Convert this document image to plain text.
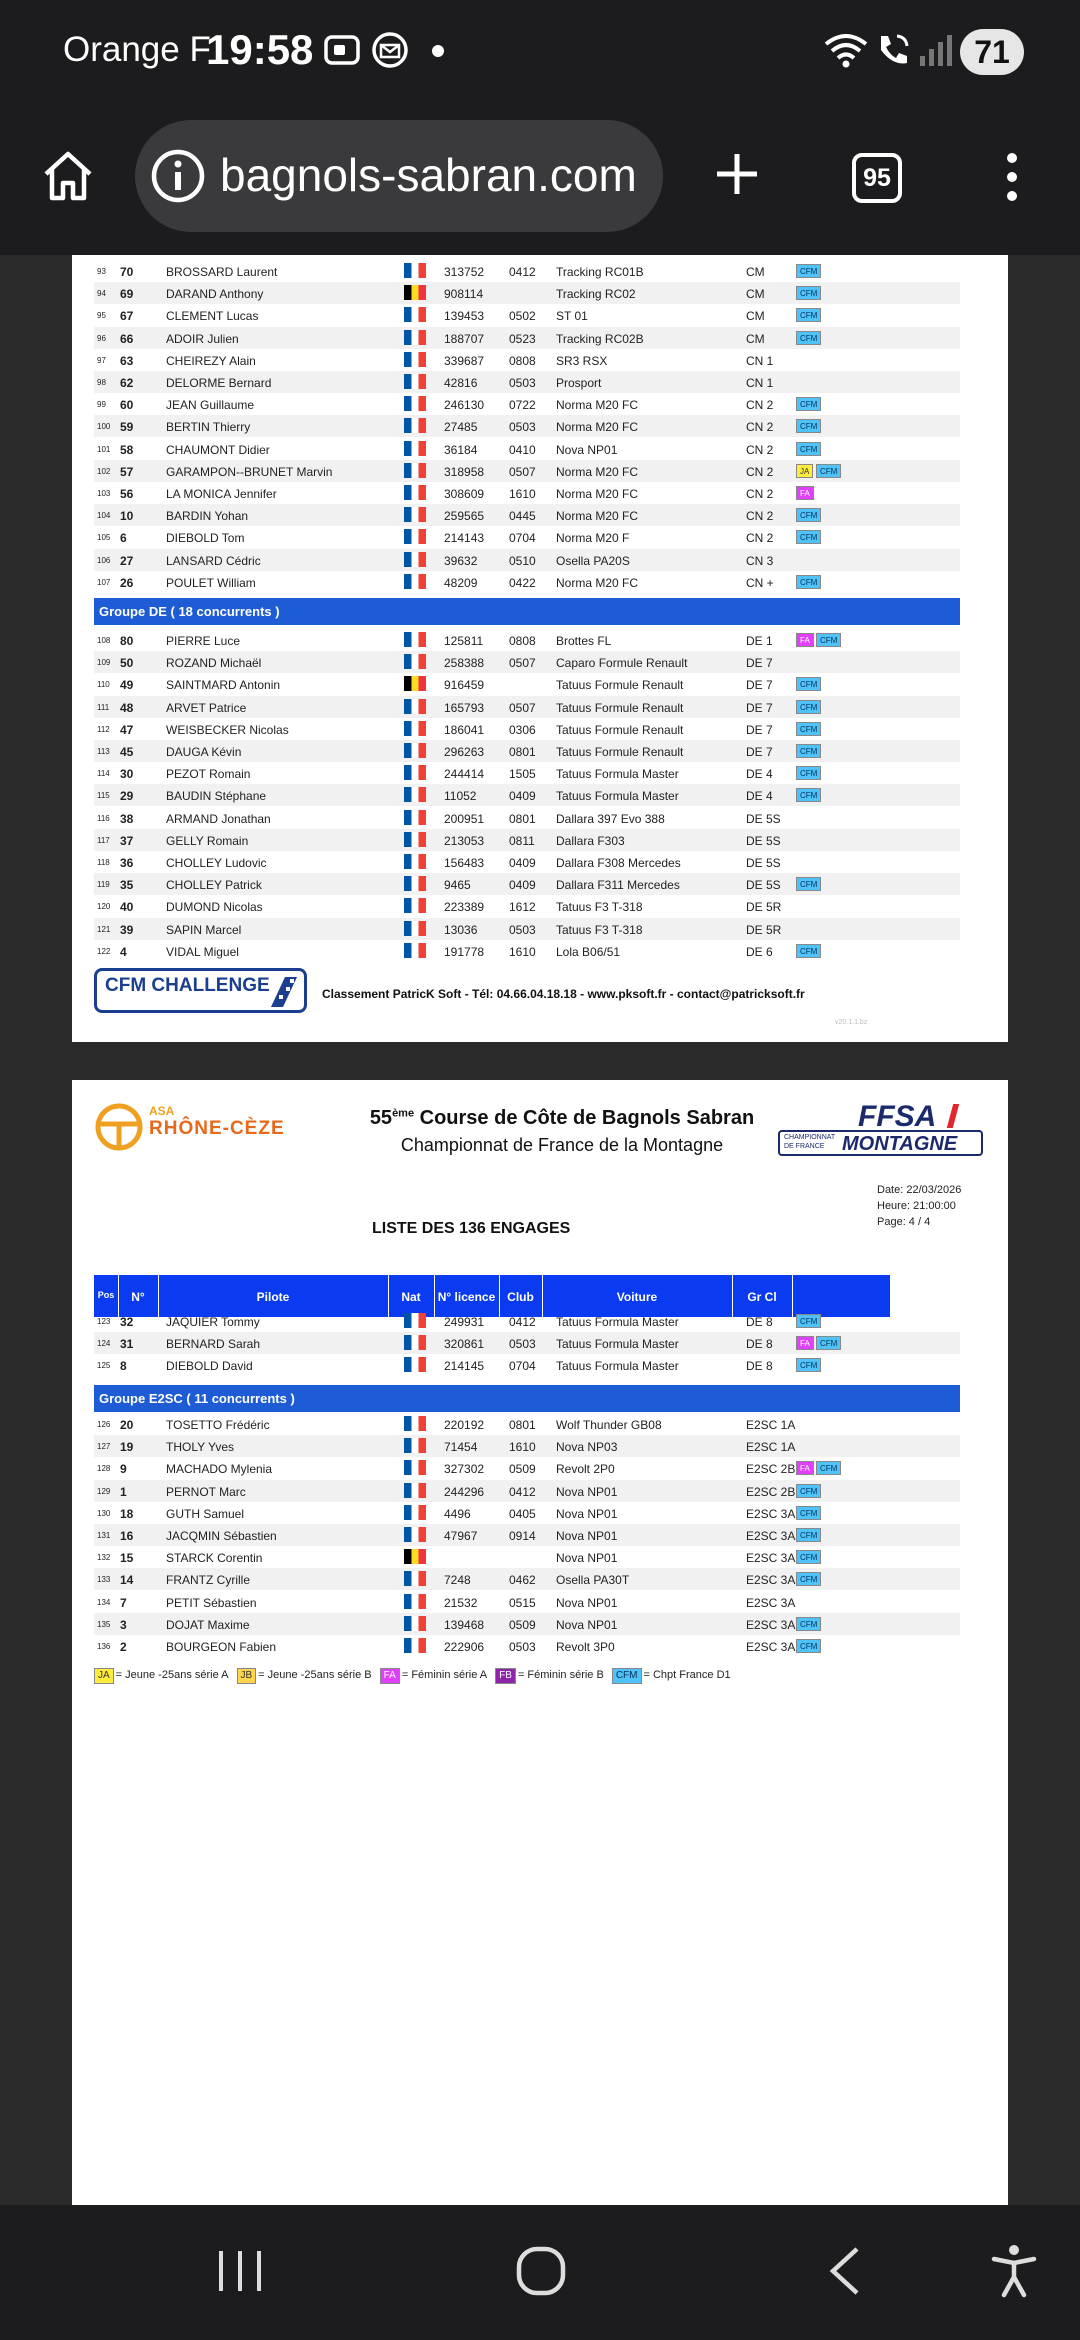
Orange F
19:58	71
bagnols-sabran.com	95
93 70	BROSSARD Laurent	313752 0412 Tracking RC01B	CM	CFM
94 69	DARAND Anthony	908114	Tracking RC02	CM	CFM
95 67	CLEMENT Lucas	139453 0502 ST 01	CM	CFM
96 66	ADOIR Julien	188707 0523 Tracking RC02B	CM	CFM
97 63	CHEIREZY Alain	339687 0808 SR3 RSX	CN 1
98 62	DELORME Bernard	42816	0503 Prosport	CN 1
99 60	JEAN Guillaume	246130 0722 Norma M20 FC	CN 2	CFM
100 59	BERTIN Thierry	27485	0503 Norma M20 FC	CN 2	CFM
101 58	CHAUMONT Didier	36184	0410 Nova NP01	CN 2	CFM
102 57	GARAMPON--BRUNET Marvin	318958 0507 Norma M20 FC	CN 2	JA	CFM
103 56	LA MONICA Jennifer	308609 1610 Norma M20 FC	CN 2	FA
104 10	BARDIN Yohan	259565 0445 Norma M20 FC	CN 2	CFM
105 6	DIEBOLD Tom	214143 0704 Norma M20 F	CN 2	CFM
106 27	LANSARD Cédric	39632	0510 Osella PA20S	CN 3
107 26	POULET William	48209	0422 Norma M20 FC	CN +	CFM
Groupe DE ( 18 concurrents )
108 80	PIERRE Luce	125811 0808 Brottes FL	DE 1	FA	CFM
109 50	ROZAND Michaël	258388 0507 Caparo Formule Renault	DE 7
110 49	SAINTMARD Antonin	916459	Tatuus Formule Renault	DE 7	CFM
111 48	ARVET Patrice	165793 0507 Tatuus Formule Renault	DE 7	CFM
112 47	WEISBECKER Nicolas	186041 0306 Tatuus Formule Renault	DE 7	CFM
113 45	DAUGA Kévin	296263 0801 Tatuus Formule Renault	DE 7	CFM
114 30	PEZOT Romain	244414 1505 Tatuus Formula Master	DE 4	CFM
115 29	BAUDIN Stéphane	11052	0409 Tatuus Formula Master	DE 4	CFM
116 38	ARMAND Jonathan	200951 0801 Dallara 397 Evo 388	DE 5S
117 37	GELLY Romain	213053 0811 Dallara F303	DE 5S
118 36	CHOLLEY Ludovic	156483 0409 Dallara F308 Mercedes	DE 5S
119 35	CHOLLEY Patrick	9465	0409 Dallara F311 Mercedes	DE 5S	CFM
120 40	DUMOND Nicolas	223389 1612 Tatuus F3 T-318	DE 5R
121 39	SAPIN Marcel	13036	0503 Tatuus F3 T-318	DE 5R
122 4	VIDAL Miguel	191778 1610 Lola B06/51	DE 6	CFM
CFM CHALLENGE	Classement PatricK Soft - Tél: 04.66.04.18.18 - www.pksoft.fr - contact@patricksoft.fr
v20.1.1.bz
ASA
RHÔNE-CÈZE	55ème Course de Côte de Bagnols Sabran
Championnat de France de la Montagne
FFSA
CHAMPIONNAT
DE FRANCE MONTAGNE
Date: 22/03/2026
Heure: 21:00:00
Page: 4 / 4
LISTE DES 136 ENGAGES
Pos	N°	Pilote	Nat	N° licence Club	Voiture	Gr Cl
123 32	JAQUIER Tommy	249931 0412 Tatuus Formula Master	DE 8	CFM
124 31	BERNARD Sarah	320861 0503 Tatuus Formula Master	DE 8	FA	CFM
125 8	DIEBOLD David	214145 0704 Tatuus Formula Master	DE 8	CFM
Groupe E2SC ( 11 concurrents )
126 20	TOSETTO Frédéric	220192 0801 Wolf Thunder GB08	E2SC 1A
127 19	THOLY Yves	71454	1610 Nova NP03	E2SC 1A
128 9	MACHADO Mylenia	327302 0509 Revolt 2P0	E2SC 2B FA	CFM
129 1	PERNOT Marc	244296 0412 Nova NP01	E2SC 2B CFM
130 18	GUTH Samuel	4496	0405 Nova NP01	E2SC 3A CFM
131 16	JACQMIN Sébastien	47967	0914 Nova NP01	E2SC 3A CFM
132 15	STARCK Corentin	Nova NP01	E2SC 3A CFM
133 14	FRANTZ Cyrille	7248	0462 Osella PA30T	E2SC 3A CFM
134 7	PETIT Sébastien	21532	0515 Nova NP01	E2SC 3A
135 3	DOJAT Maxime	139468 0509 Nova NP01	E2SC 3A CFM
136 2	BOURGEON Fabien	222906 0503 Revolt 3P0	E2SC 3A CFM
JA = Jeune -25ans série A JB = Jeune -25ans série B FA = Féminin série A FB = Féminin série B CFM = Chpt France D1
